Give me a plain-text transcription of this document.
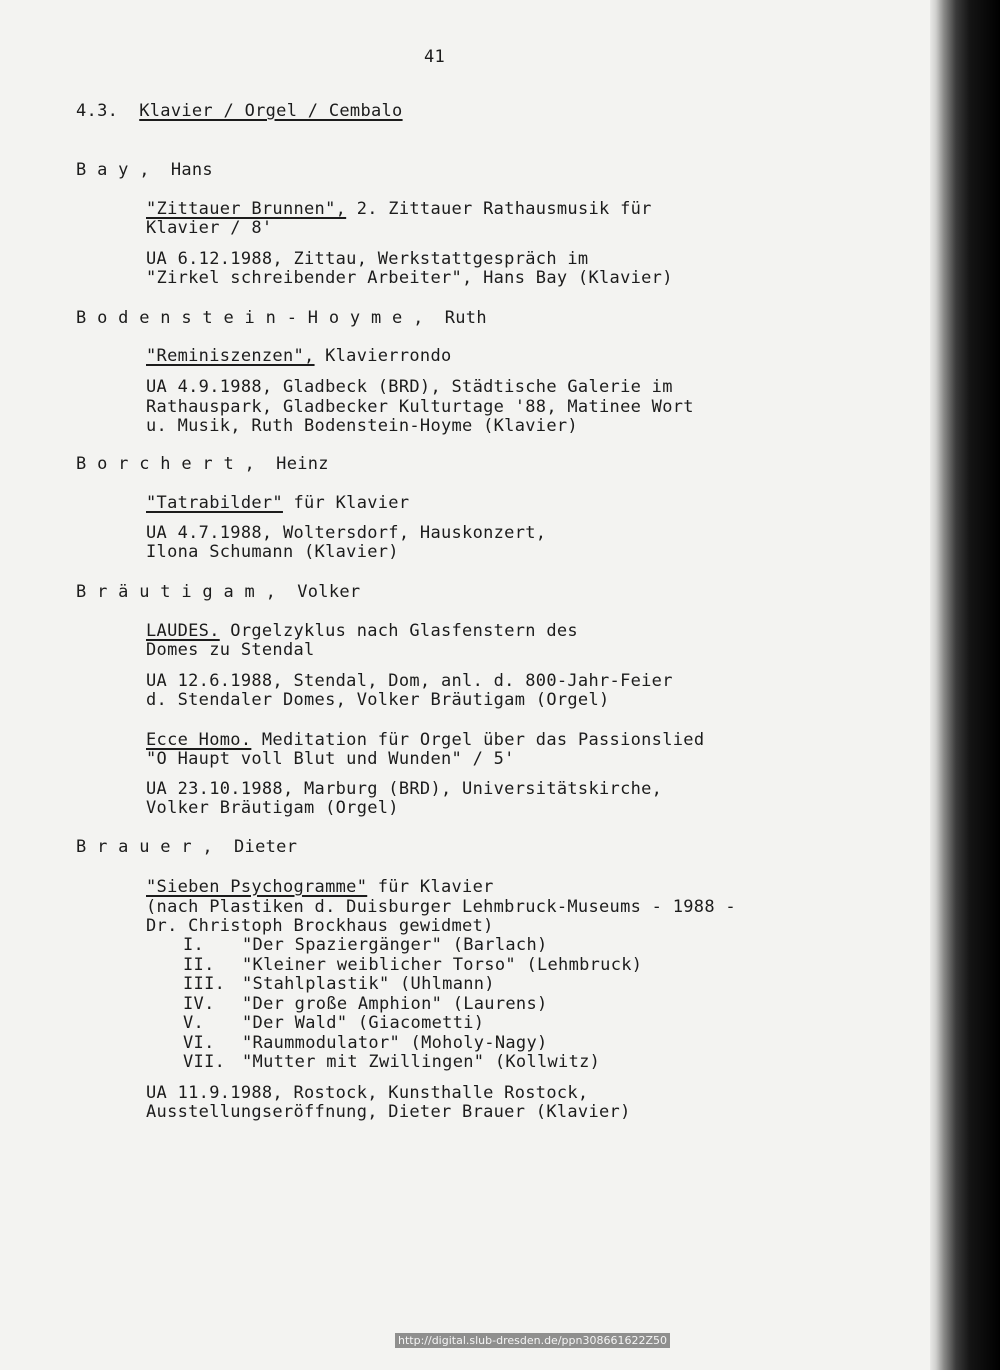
41
4.3. Klavier / Orgel / Cembalo
B a y ,  Hans
"Zittauer Brunnen", 2. Zittauer Rathausmusik für
Klavier / 8'
UA 6.12.1988, Zittau, Werkstattgespräch im
"Zirkel schreibender Arbeiter", Hans Bay (Klavier)
B o d e n s t e i n - H o y m e ,  Ruth
"Reminiszenzen", Klavierrondo
UA 4.9.1988, Gladbeck (BRD), Städtische Galerie im
Rathauspark, Gladbecker Kulturtage '88, Matinee Wort
u. Musik, Ruth Bodenstein-Hoyme (Klavier)
B o r c h e r t ,  Heinz
"Tatrabilder" für Klavier
UA 4.7.1988, Woltersdorf, Hauskonzert,
Ilona Schumann (Klavier)
B r ä u t i g a m ,  Volker
LAUDES. Orgelzyklus nach Glasfenstern des
Domes zu Stendal
UA 12.6.1988, Stendal, Dom, anl. d. 800-Jahr-Feier
d. Stendaler Domes, Volker Bräutigam (Orgel)
Ecce Homo. Meditation für Orgel über das Passionslied
"O Haupt voll Blut und Wunden" / 5'
UA 23.10.1988, Marburg (BRD), Universitätskirche,
Volker Bräutigam (Orgel)
B r a u e r ,  Dieter
"Sieben Psychogramme" für Klavier
(nach Plastiken d. Duisburger Lehmbruck-Museums - 1988 -
Dr. Christoph Brockhaus gewidmet)
I. "Der Spaziergänger" (Barlach)
II. "Kleiner weiblicher Torso" (Lehmbruck)
III. "Stahlplastik" (Uhlmann)
IV. "Der große Amphion" (Laurens)
V. "Der Wald" (Giacometti)
VI. "Raummodulator" (Moholy-Nagy)
VII. "Mutter mit Zwillingen" (Kollwitz)
UA 11.9.1988, Rostock, Kunsthalle Rostock,
Ausstellungseröffnung, Dieter Brauer (Klavier)
http://digital.slub-dresden.de/ppn308661622Z50
